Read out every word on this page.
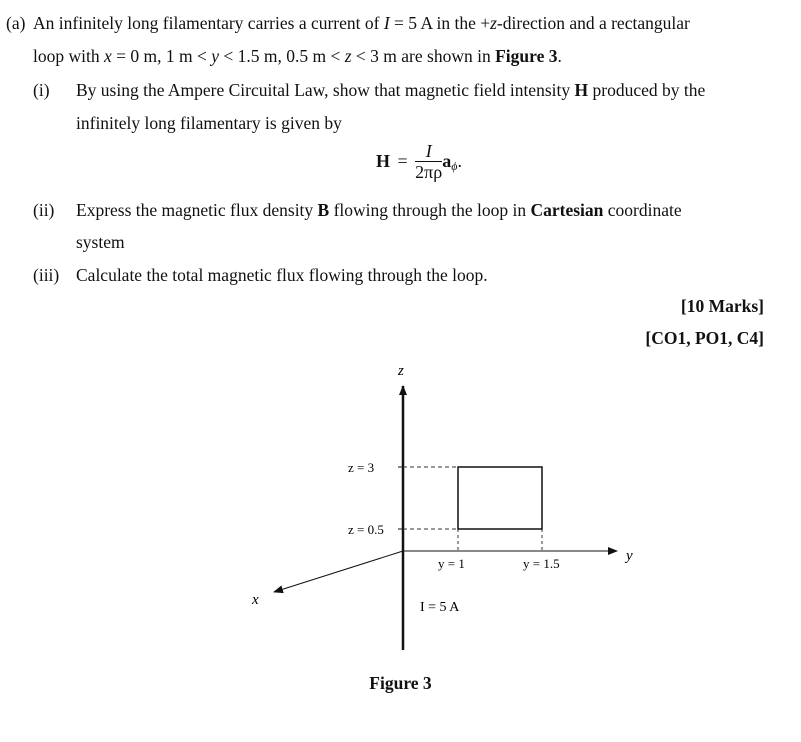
(a) An infinitely long filamentary carries a current of I = 5 A in the +z-direction and a rectangular
loop with x = 0 m, 1 m < y < 1.5 m, 0.5 m < z < 3 m are shown in Figure 3.
(i) By using the Ampere Circuital Law, show that magnetic field intensity H produced by the
infinitely long filamentary is given by
$H = \frac{I}{2\pi\rho} a_\phi$.
(ii) Express the magnetic flux density B flowing through the loop in Cartesian coordinate
system
(iii) Calculate the total magnetic flux flowing through the loop.
[10 Marks]
[CO1, PO1, C4]
z
y
x
z = 3
z = 0.5
y = 1	y = 1.5
I = 5 A
Figure 3
